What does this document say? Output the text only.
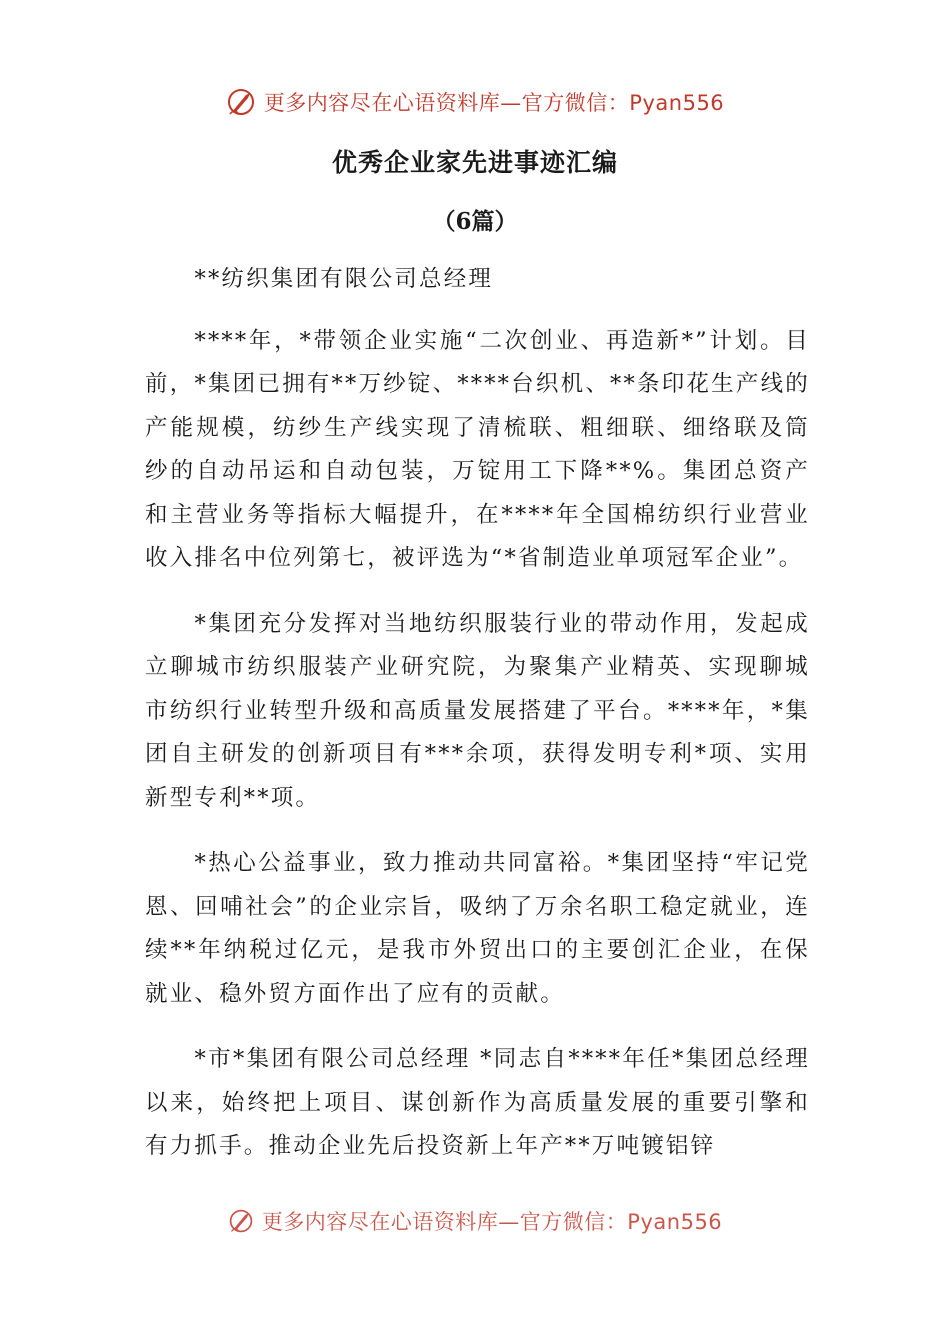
更多内容尽在心语资料库—官方微信：Pyan556
优秀企业家先进事迹汇编
（6篇）

**纺织集团有限公司总经理

****年，*带领企业实施“二次创业、再造新*”计划。目前，*集团已拥有**万纱锭、****台织机、**条印花生产线的产能规模，纺纱生产线实现了清梳联、粗细联、细络联及筒纱的自动吊运和自动包装，万锭用工下降**%。集团总资产和主营业务等指标大幅提升，在****年全国棉纺织行业营业收入排名中位列第七，被评选为“*省制造业单项冠军企业”。

*集团充分发挥对当地纺织服装行业的带动作用，发起成立聊城市纺织服装产业研究院，为聚集产业精英、实现聊城市纺织行业转型升级和高质量发展搭建了平台。****年，*集团自主研发的创新项目有***余项，获得发明专利*项、实用新型专利**项。

*热心公益事业，致力推动共同富裕。*集团坚持“牢记党恩、回哺社会”的企业宗旨，吸纳了万余名职工稳定就业，连续**年纳税过亿元，是我市外贸出口的主要创汇企业，在保就业、稳外贸方面作出了应有的贡献。

*市*集团有限公司总经理 *同志自****年任*集团总经理以来，始终把上项目、谋创新作为高质量发展的重要引擎和有力抓手。推动企业先后投资新上年产**万吨镀铝锌

更多内容尽在心语资料库—官方微信：Pyan556
